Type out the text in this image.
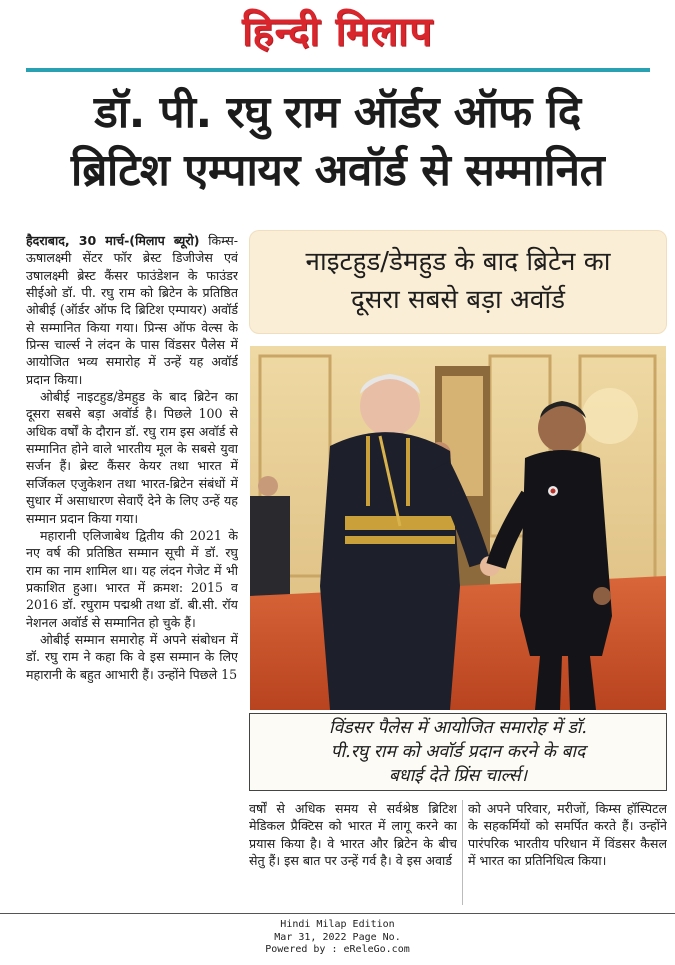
हिन्दी मिलाप
डॉ. पी. रघु राम ऑर्डर ऑफ दि
ब्रिटिश एम्पायर अवॉर्ड से सम्मानित

हैदराबाद, 30 मार्च-(मिलाप ब्यूरो) किम्स-ऊषालक्ष्मी सेंटर फॉर ब्रेस्ट डिजीजेस एवं उषालक्ष्मी ब्रेस्ट कैंसर फाउंडेशन के फाउंडर सीईओ डॉ. पी. रघु राम को ब्रिटेन के प्रतिष्ठित ओबीई (ऑर्डर ऑफ दि ब्रिटिश एम्पायर) अवॉर्ड से सम्मानित किया गया। प्रिन्स ऑफ वेल्स के प्रिन्स चार्ल्स ने लंदन के पास विंडसर पैलेस में आयोजित भव्य समारोह में उन्हें यह अवॉर्ड प्रदान किया।

ओबीई नाइटहुड/डेमहुड के बाद ब्रिटेन का दूसरा सबसे बड़ा अवॉर्ड है। पिछले 100 से अधिक वर्षों के दौरान डॉ. रघु राम इस अवॉर्ड से सम्मानित होने वाले भारतीय मूल के सबसे युवा सर्जन हैं। ब्रेस्ट कैंसर केयर तथा भारत में सर्जिकल एजुकेशन तथा भारत-ब्रिटेन संबंधों में सुधार में असाधारण सेवाएँ देने के लिए उन्हें यह सम्मान प्रदान किया गया।

महारानी एलिजाबेथ द्वितीय की 2021 के नए वर्ष की प्रतिष्ठित सम्मान सूची में डॉ. रघु राम का नाम शामिल था। यह लंदन गेजेट में भी प्रकाशित हुआ। भारत में क्रमश: 2015 व 2016 डॉ. रघुराम पद्मश्री तथा डॉ. बी.सी. रॉय नेशनल अवॉर्ड से सम्मानित हो चुके हैं।

ओबीई सम्मान समारोह में अपने संबोधन में डॉ. रघु राम ने कहा कि वे इस सम्मान के लिए महारानी के बहुत आभारी हैं। उन्होंने पिछले 15

नाइटहुड/डेमहुड के बाद ब्रिटेन का
दूसरा सबसे बड़ा अवॉर्ड
विंडसर पैलेस में आयोजित समारोह में डॉ.
पी.रघु राम को अवॉर्ड प्रदान करने के बाद
बधाई देते प्रिंस चार्ल्स।

वर्षों से अधिक समय से सर्वश्रेष्ठ ब्रिटिश मेडिकल प्रैक्टिस को भारत में लागू करने का प्रयास किया है। वे भारत और ब्रिटेन के बीच सेतु हैं। इस बात पर उन्हें गर्व है। वे इस अवार्ड

को अपने परिवार, मरीजों, किम्स हॉस्पिटल के सहकर्मियों को समर्पित करते हैं। उन्होंने पारंपरिक भारतीय परिधान में विंडसर कैसल में भारत का प्रतिनिधित्व किया।

Hindi Milap Edition
Mar 31, 2022 Page No.
Powered by : eReleGo.com
